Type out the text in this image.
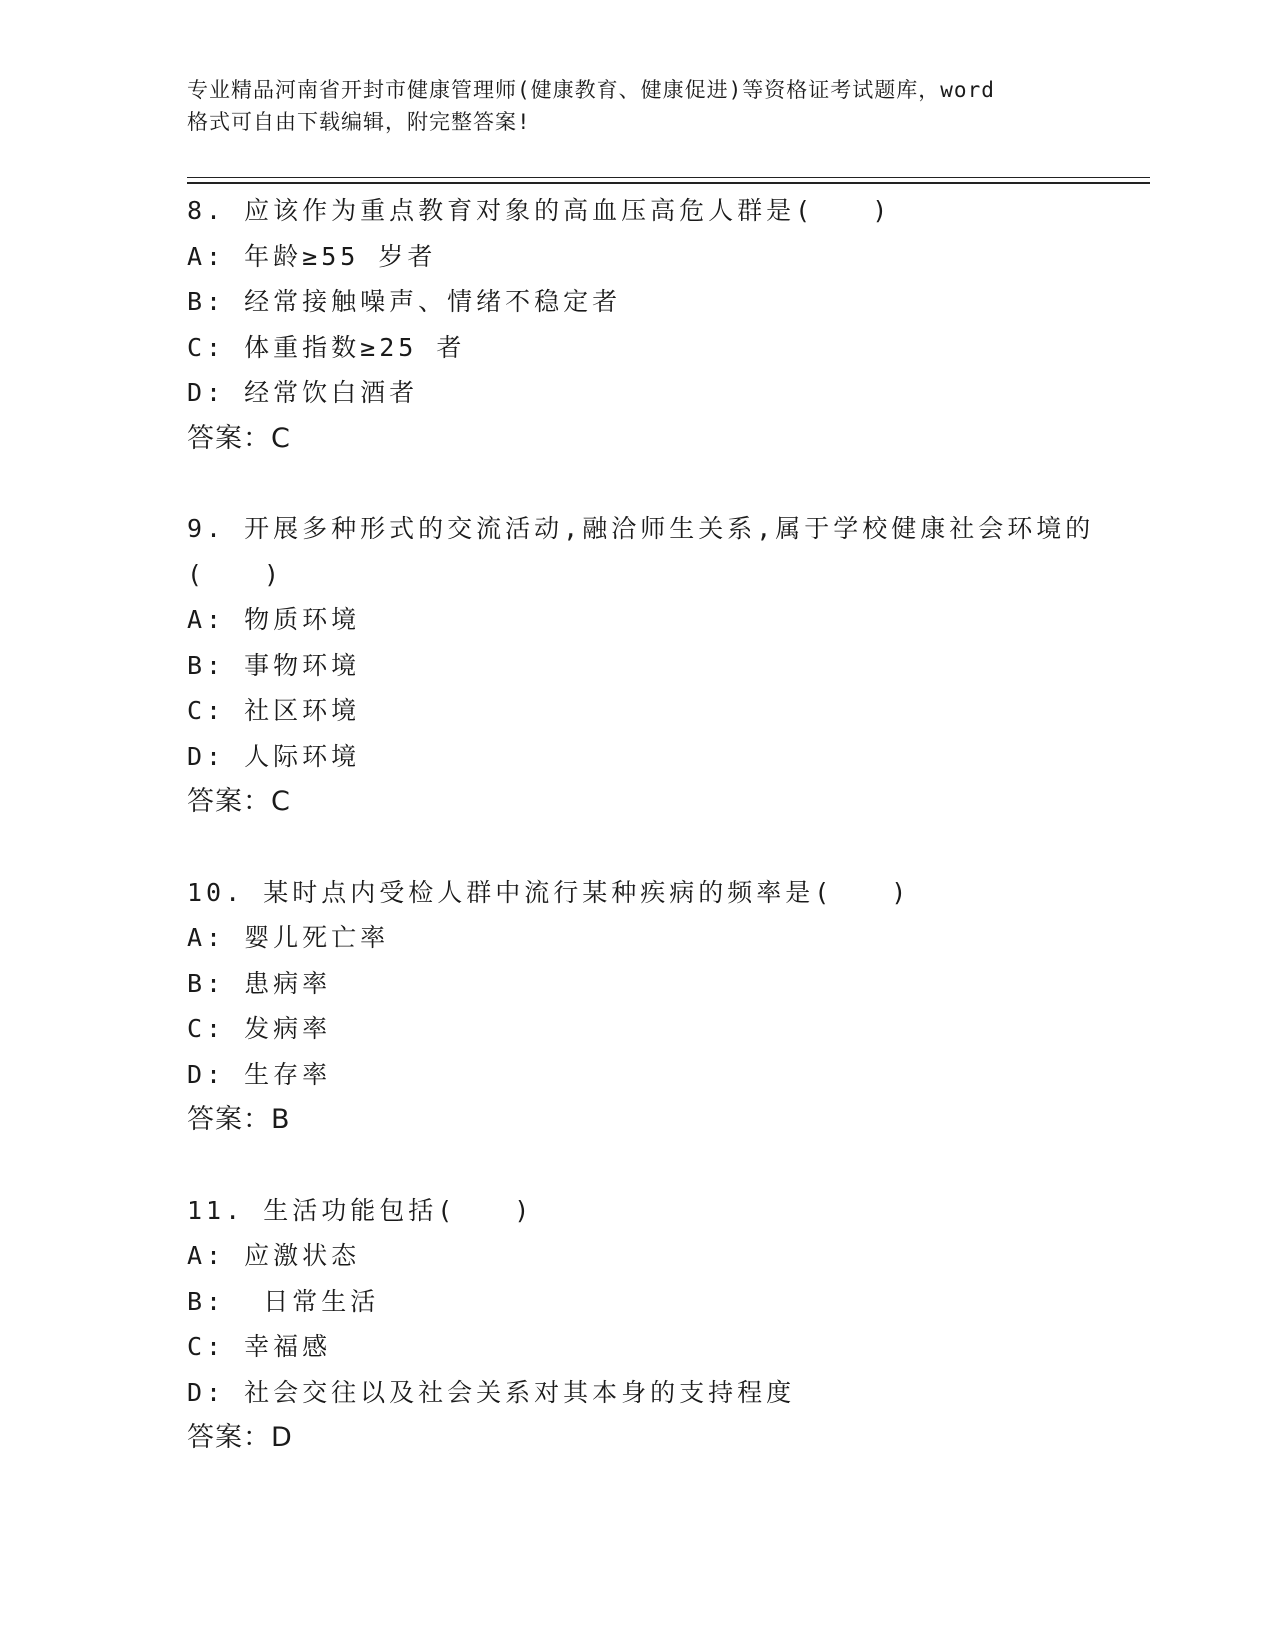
专业精品河南省开封市健康管理师(健康教育、健康促进)等资格证考试题库，word
格式可自由下载编辑，附完整答案!
8. 应该作为重点教育对象的高血压高危人群是(　　)
A: 年龄≥55 岁者
B: 经常接触噪声、情绪不稳定者
C: 体重指数≥25 者
D: 经常饮白酒者
答案：C
9. 开展多种形式的交流活动,融洽师生关系,属于学校健康社会环境的(　　)
A: 物质环境
B: 事物环境
C: 社区环境
D: 人际环境
答案：C
10. 某时点内受检人群中流行某种疾病的频率是(　　)
A: 婴儿死亡率
B: 患病率
C: 发病率
D: 生存率
答案：B
11. 生活功能包括(　　)
A: 应激状态
B:  日常生活
C: 幸福感
D: 社会交往以及社会关系对其本身的支持程度
答案：D
